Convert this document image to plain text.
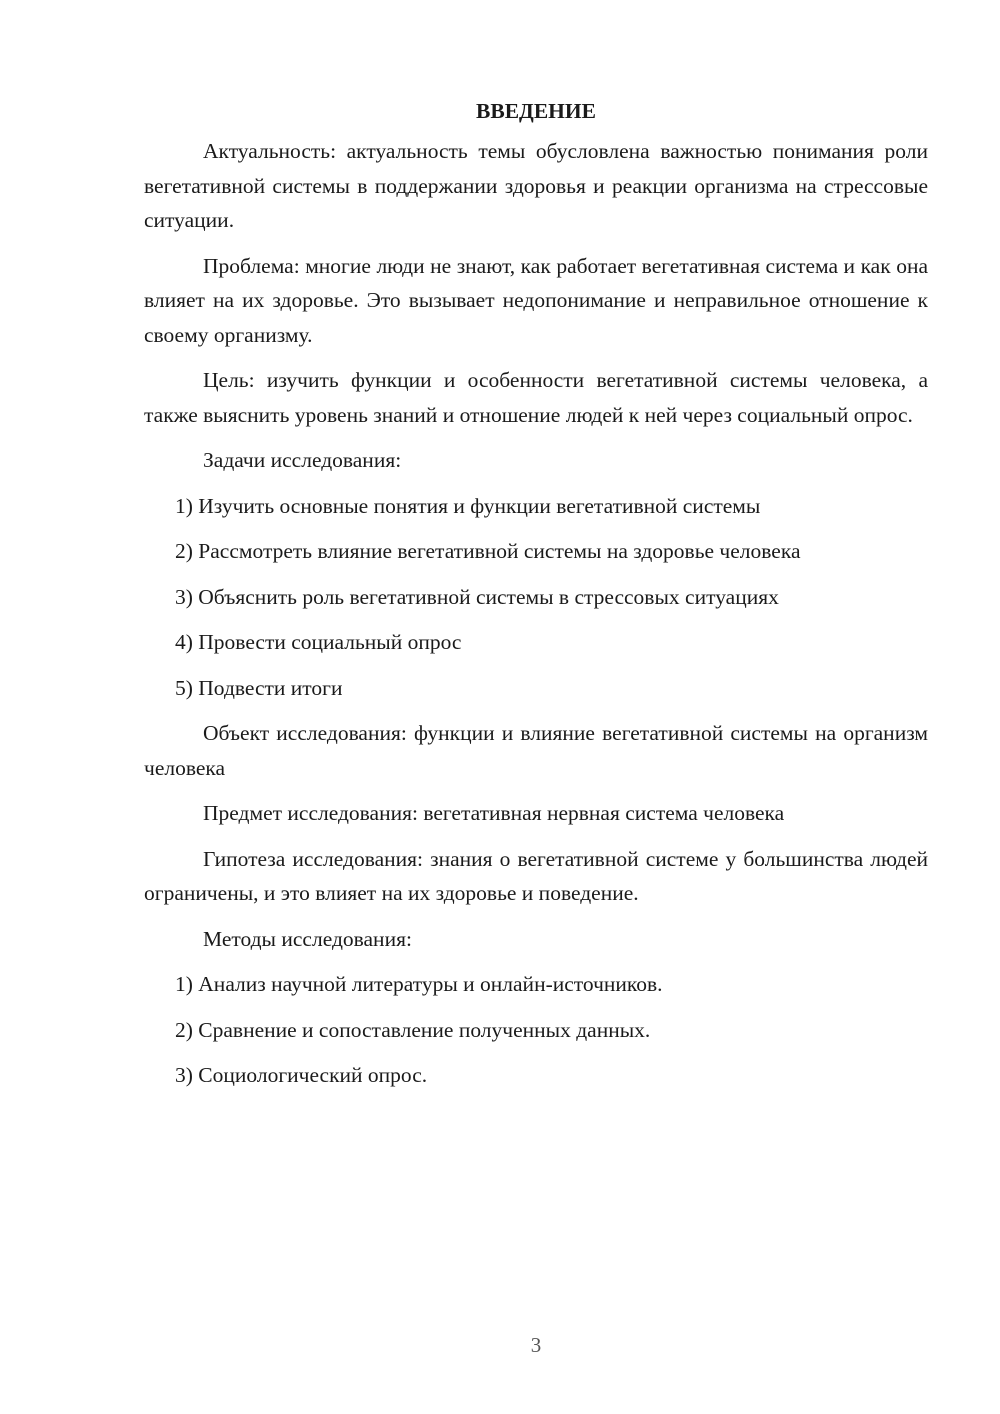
ВВЕДЕНИЕ

Актуальность: актуальность темы обусловлена важностью понимания роли вегетативной системы в поддержании здоровья и реакции организма на стрессовые ситуации.

Проблема: многие люди не знают, как работает вегетативная система и как она влияет на их здоровье. Это вызывает недопонимание и неправильное отношение к своему организму.

Цель: изучить функции и особенности вегетативной системы человека, а также выяснить уровень знаний и отношение людей к ней через социальный опрос.

Задачи исследования:

1) Изучить основные понятия и функции вегетативной системы
2) Рассмотреть влияние вегетативной системы на здоровье человека
3) Объяснить роль вегетативной системы в стрессовых ситуациях
4) Провести социальный опрос
5) Подвести итоги

Объект исследования: функции и влияние вегетативной системы на организм человека

Предмет исследования: вегетативная нервная система человека

Гипотеза исследования: знания о вегетативной системе у большинства людей ограничены, и это влияет на их здоровье и поведение.

Методы исследования:

1) Анализ научной литературы и онлайн-источников.
2) Сравнение и сопоставление полученных данных.
3) Социологический опрос.
3
